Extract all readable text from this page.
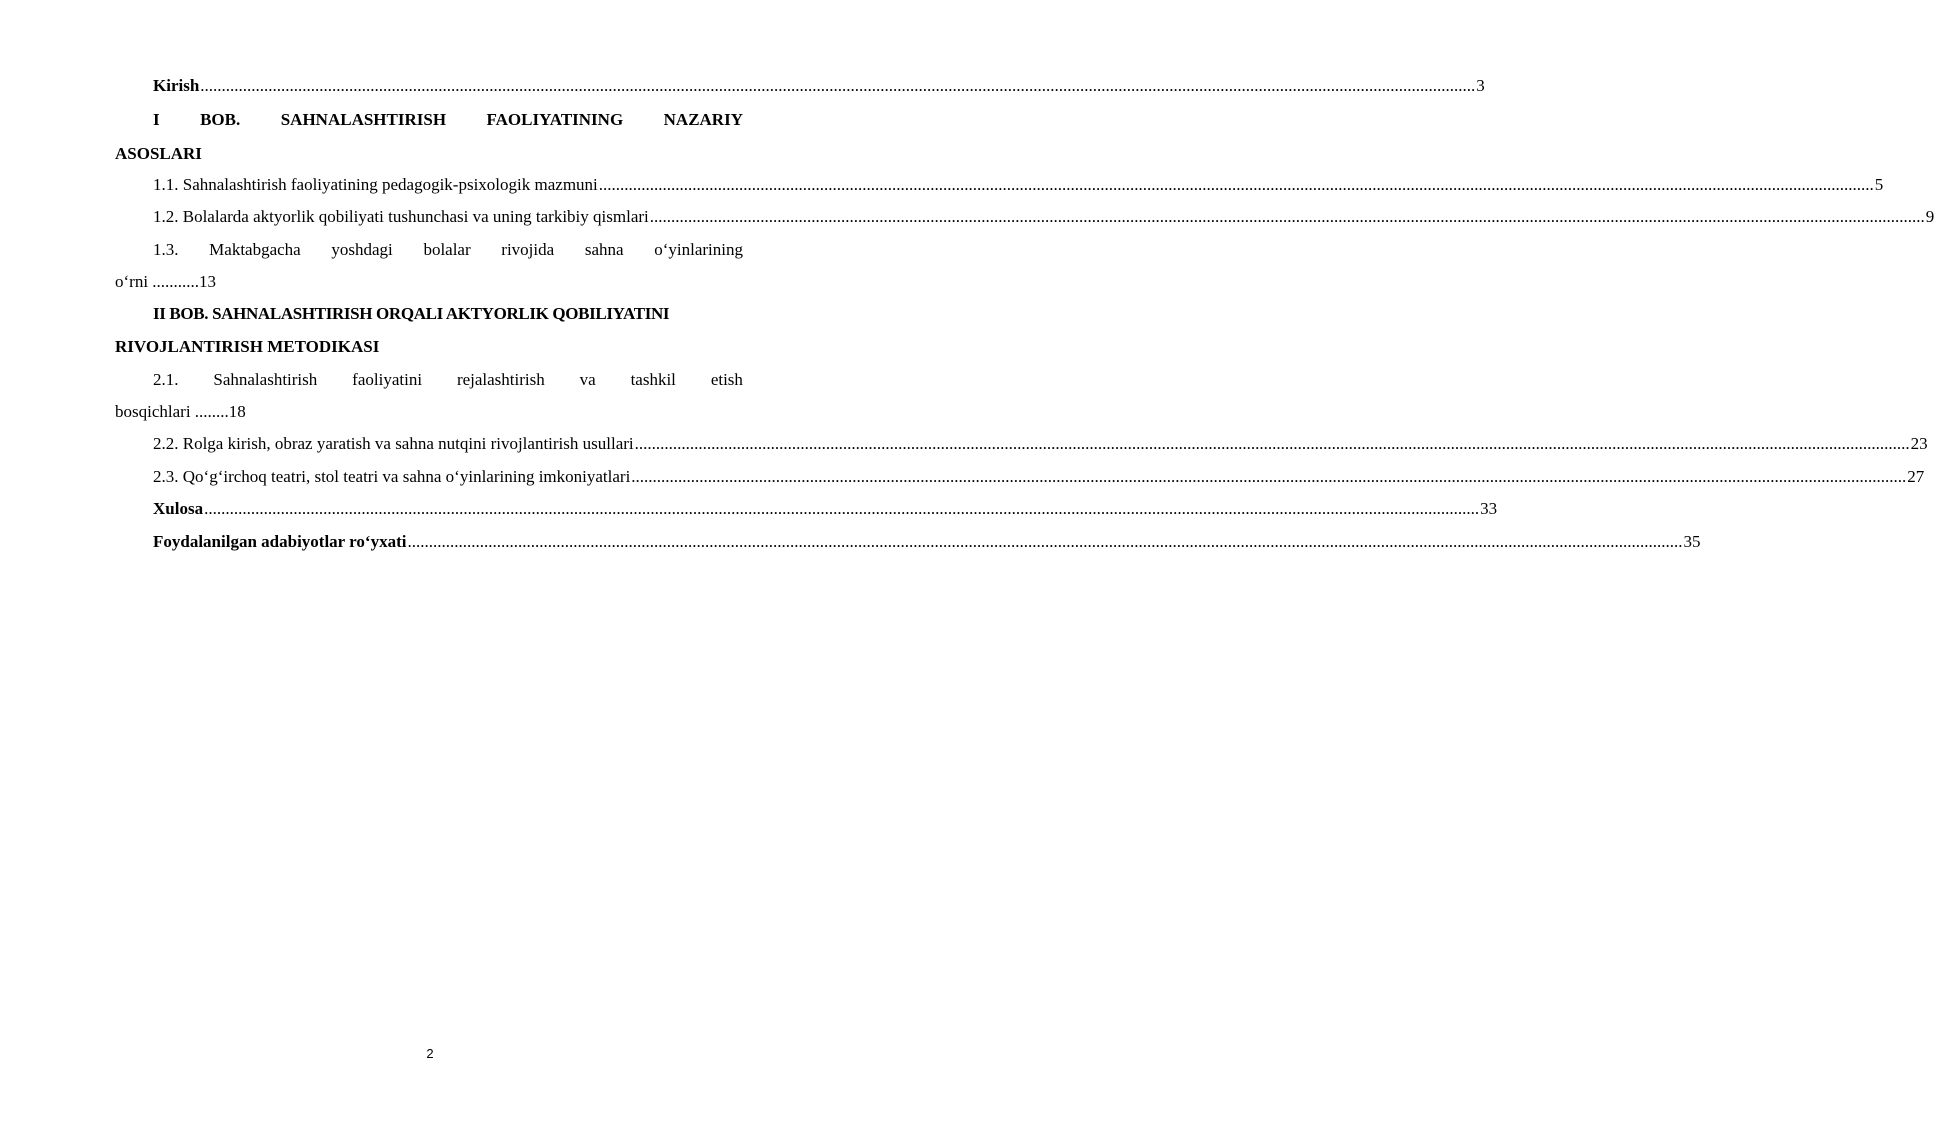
Kirish ............................................................................................................................................................................................................................................................................................................ 3
I BOB. SAHNALASHTIRISH FAOLIYATINING NAZARIY
ASOSLARI
1.1. Sahnalashtirish faoliyatining pedagogik-psixologik mazmuni ............................................................................................................................................................................................................................................................................................................ 5
1.2. Bolalarda aktyorlik qobiliyati tushunchasi va uning tarkibiy qismlari ............................................................................................................................................................................................................................................................................................................ 9
1.3. Maktabgacha yoshdagi bolalar rivojida sahna o‘yinlarining
o‘rni ...........13
II BOB. SAHNALASHTIRISH ORQALI AKTYORLIK QOBILIYATINI
RIVOJLANTIRISH METODIKASI
2.1. Sahnalashtirish faoliyatini rejalashtirish va tashkil etish
bosqichlari ........18
2.2. Rolga kirish, obraz yaratish va sahna nutqini rivojlantirish usullari ............................................................................................................................................................................................................................................................................................................ 23
2.3. Qo‘g‘irchoq teatri, stol teatri va sahna o‘yinlarining imkoniyatlari ............................................................................................................................................................................................................................................................................................................ 27
Xulosa ............................................................................................................................................................................................................................................................................................................ 33
Foydalanilgan adabiyotlar ro‘yxati ............................................................................................................................................................................................................................................................................................................ 35
2
